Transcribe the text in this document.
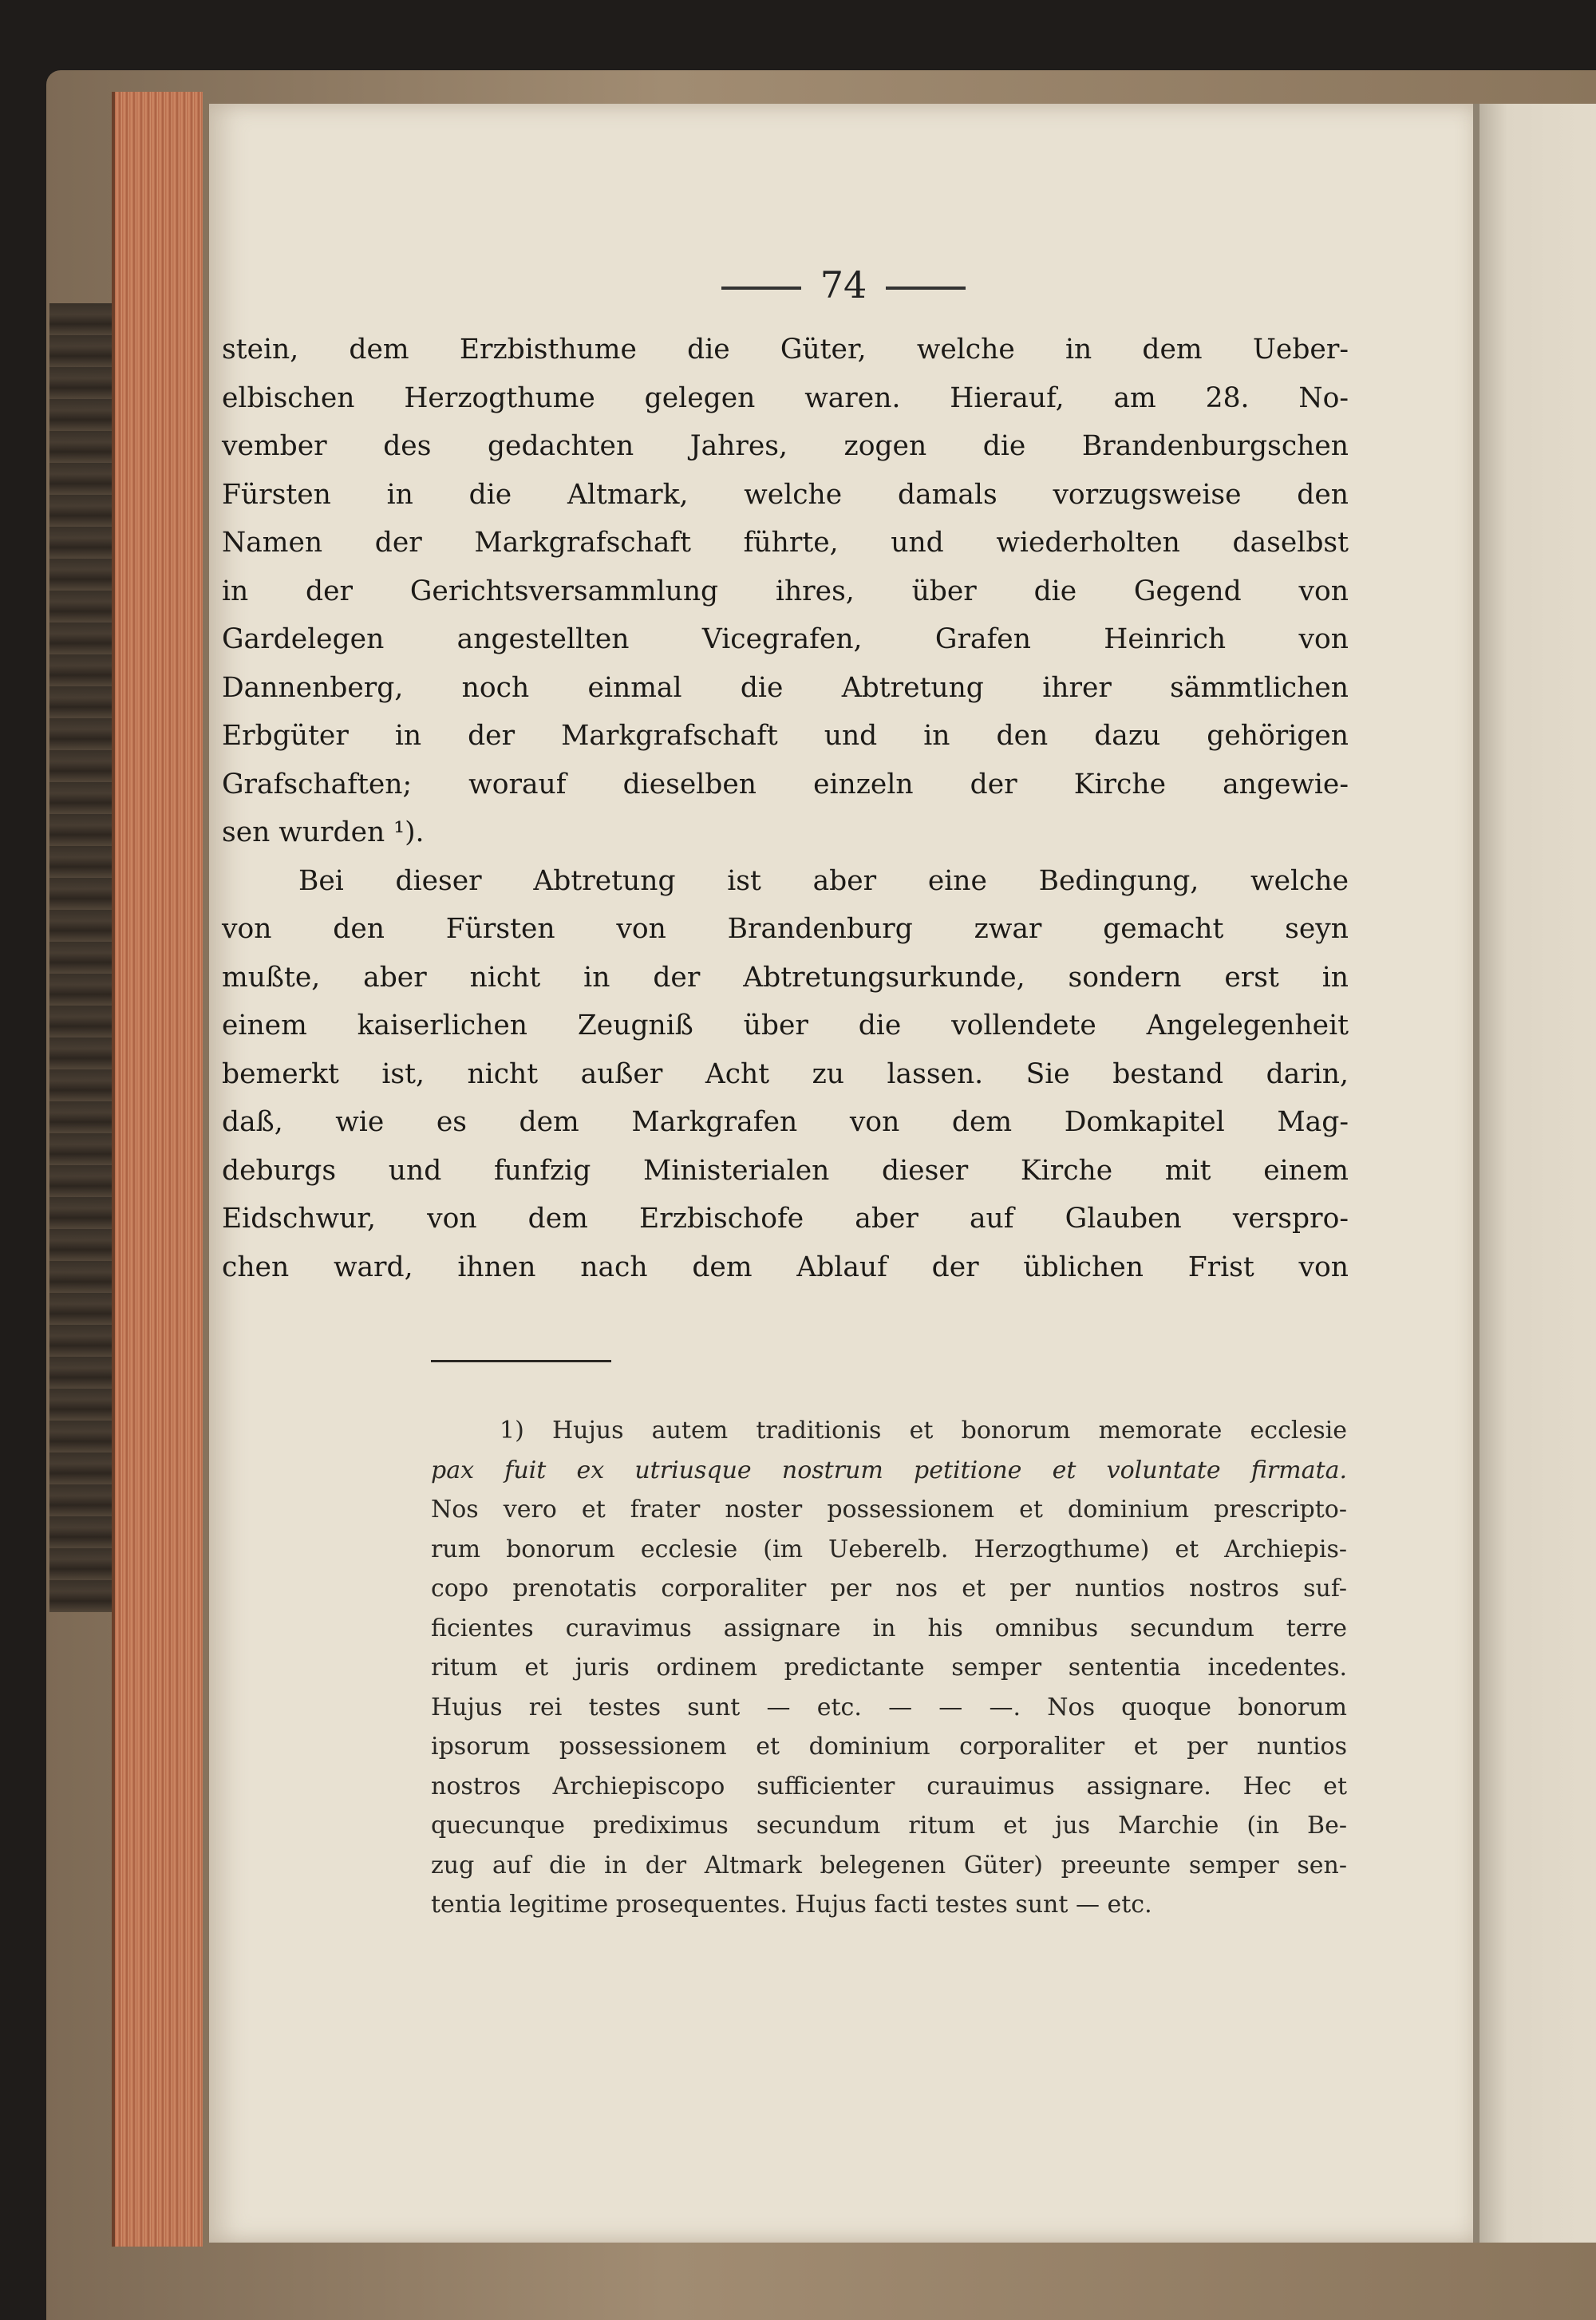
74
stein, dem Erzbisthume die Güter, welche in dem Ueber-
elbischen Herzogthume gelegen waren. Hierauf, am 28. No-
vember des gedachten Jahres, zogen die Brandenburgschen
Fürsten in die Altmark, welche damals vorzugsweise den
Namen der Markgrafschaft führte, und wiederholten daselbst
in der Gerichtsversammlung ihres, über die Gegend von
Gardelegen angestellten Vicegrafen, Grafen Heinrich von
Dannenberg, noch einmal die Abtretung ihrer sämmtlichen
Erbgüter in der Markgrafschaft und in den dazu gehörigen
Grafschaften; worauf dieselben einzeln der Kirche angewie-
sen wurden ¹).
Bei dieser Abtretung ist aber eine Bedingung, welche
von den Fürsten von Brandenburg zwar gemacht seyn
mußte, aber nicht in der Abtretungsurkunde, sondern erst in
einem kaiserlichen Zeugniß über die vollendete Angelegenheit
bemerkt ist, nicht außer Acht zu lassen. Sie bestand darin,
daß, wie es dem Markgrafen von dem Domkapitel Mag-
deburgs und funfzig Ministerialen dieser Kirche mit einem
Eidschwur, von dem Erzbischofe aber auf Glauben verspro-
chen ward, ihnen nach dem Ablauf der üblichen Frist von
1) Hujus autem traditionis et bonorum memorate ecclesie
pax fuit ex utriusque nostrum petitione et voluntate firmata.
Nos vero et frater noster possessionem et dominium prescripto-
rum bonorum ecclesie (im Ueberelb. Herzogthume) et Archiepis-
copo prenotatis corporaliter per nos et per nuntios nostros suf-
ficientes curavimus assignare in his omnibus secundum terre
ritum et juris ordinem predictante semper sententia incedentes.
Hujus rei testes sunt — etc. — — —. Nos quoque bonorum
ipsorum possessionem et dominium corporaliter et per nuntios
nostros Archiepiscopo sufficienter curauimus assignare. Hec et
quecunque prediximus secundum ritum et jus Marchie (in Be-
zug auf die in der Altmark belegenen Güter) preeunte semper sen-
tentia legitime prosequentes. Hujus facti testes sunt — etc.
